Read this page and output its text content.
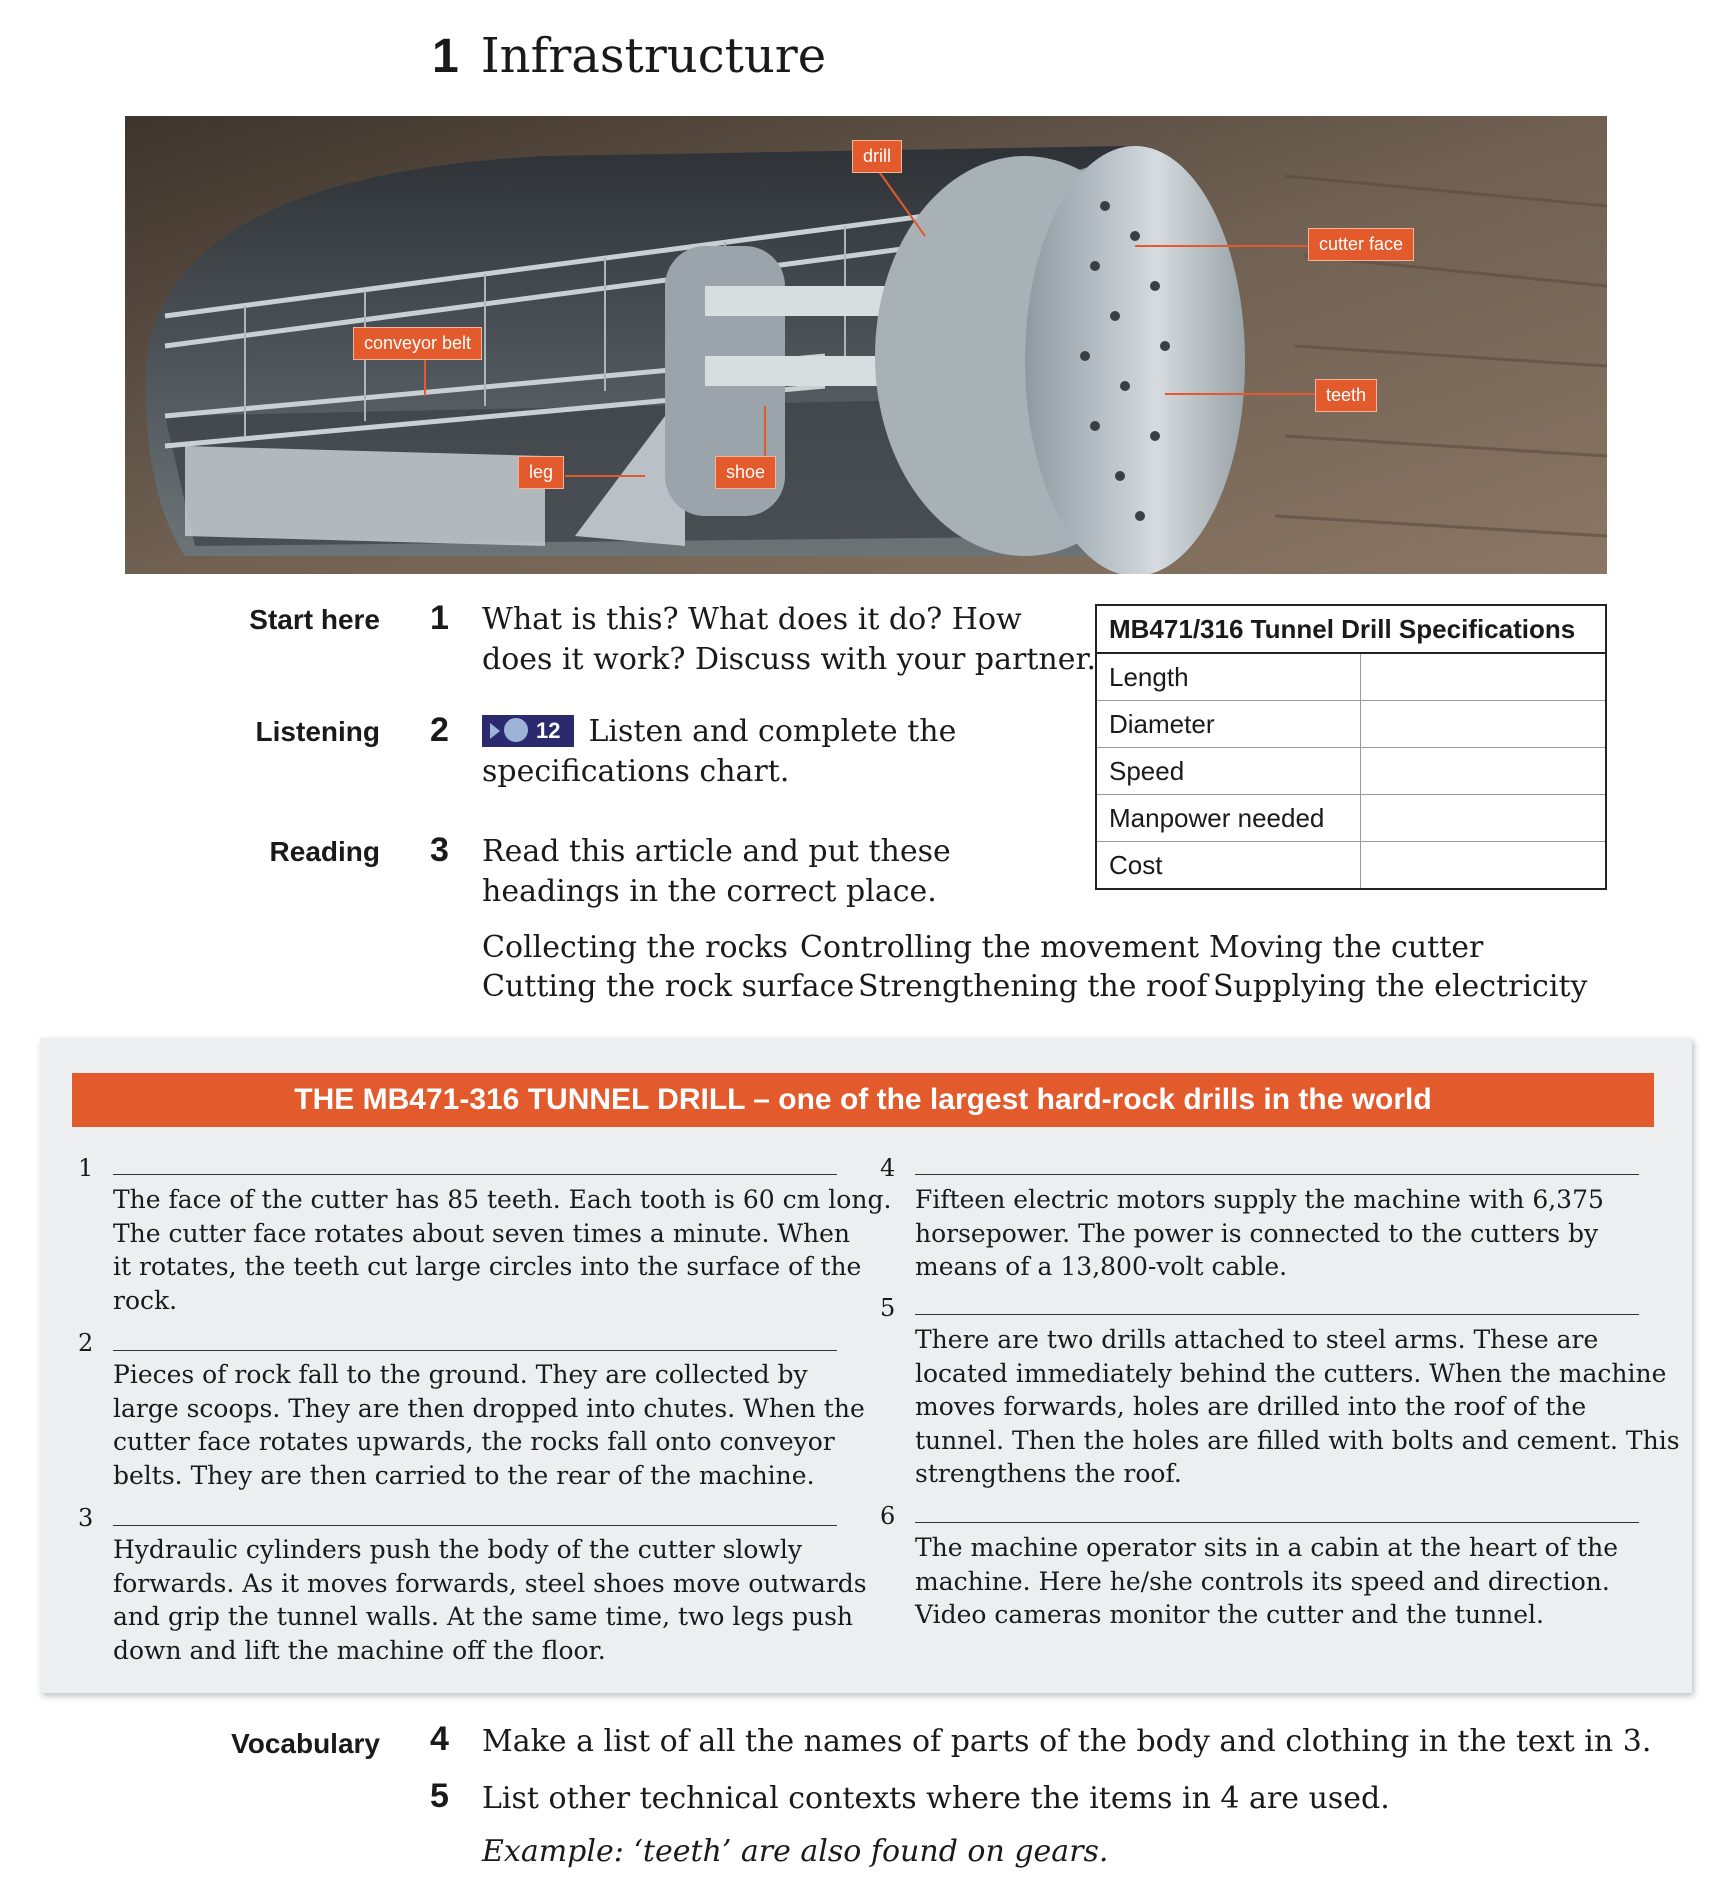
1 Infrastructure
drill
cutter face
conveyor belt
teeth
leg	shoe
Start here
Listening
Reading
Vocabulary
1 What is this? What does it do? How
does it work? Discuss with your partner.
2	12 Listen and complete the
specifications chart.
3 Read this article and put these
headings in the correct place.
Collecting the rocks Controlling the movement Moving the cutter
Cutting the rock surface Strengthening the roof Supplying the electricity
MB471/316 Tunnel Drill Specifications	
Length	
Diameter	
Speed	
Manpower needed	
Cost	
THE MB471-316 TUNNEL DRILL – one of the largest hard-rock drills in the world
1
The face of the cutter has 85 teeth. Each tooth is 60 cm long.
The cutter face rotates about seven times a minute. When
it rotates, the teeth cut large circles into the surface of the
rock.
2
Pieces of rock fall to the ground. They are collected by
large scoops. They are then dropped into chutes. When the
cutter face rotates upwards, the rocks fall onto conveyor
belts. They are then carried to the rear of the machine.
3
Hydraulic cylinders push the body of the cutter slowly
forwards. As it moves forwards, steel shoes move outwards
and grip the tunnel walls. At the same time, two legs push
down and lift the machine off the floor.
4
Fifteen electric motors supply the machine with 6,375
horsepower. The power is connected to the cutters by
means of a 13,800-volt cable.
5
There are two drills attached to steel arms. These are
located immediately behind the cutters. When the machine
moves forwards, holes are drilled into the roof of the
tunnel. Then the holes are filled with bolts and cement. This
strengthens the roof.
6
The machine operator sits in a cabin at the heart of the
machine. Here he/she controls its speed and direction.
Video cameras monitor the cutter and the tunnel.
4 Make a list of all the names of parts of the body and clothing in the text in 3.
5 List other technical contexts where the items in 4 are used.
Example: ‘teeth’ are also found on gears.
